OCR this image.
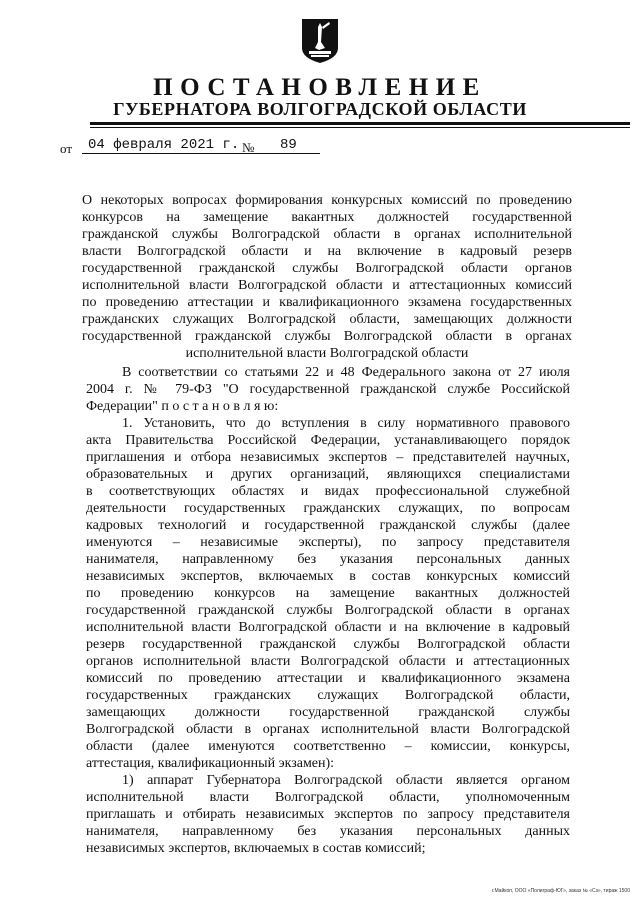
ПОСТАНОВЛЕНИЕ
ГУБЕРНАТОРА ВОЛГОГРАДСКОЙ ОБЛАСТИ
от	04 февраля 2021 г. №	89
О некоторых вопросах формирования конкурсных комиссий по проведению
конкурсов на замещение вакантных должностей государственной
гражданской службы Волгоградской области в органах исполнительной
власти Волгоградской области и на включение в кадровый резерв
государственной гражданской службы Волгоградской области органов
исполнительной власти Волгоградской области и аттестационных комиссий
по проведению аттестации и квалификационного экзамена государственных
гражданских служащих Волгоградской области, замещающих должности
государственной гражданской службы Волгоградской области в органах
исполнительной власти Волгоградской области
В соответствии со статьями 22 и 48 Федерального закона от 27 июля
2004 г. № 79-ФЗ "О государственной гражданской службе Российской
Федерации" п о с т а н о в л я ю:
1. Установить, что до вступления в силу нормативного правового
акта Правительства Российской Федерации, устанавливающего порядок
приглашения и отбора независимых экспертов – представителей научных,
образовательных и других организаций, являющихся специалистами
в соответствующих областях и видах профессиональной служебной
деятельности государственных гражданских служащих, по вопросам
кадровых технологий и государственной гражданской службы (далее
именуются – независимые эксперты), по запросу представителя
нанимателя, направленному без указания персональных данных
независимых экспертов, включаемых в состав конкурсных комиссий
по проведению конкурсов на замещение вакантных должностей
государственной гражданской службы Волгоградской области в органах
исполнительной власти Волгоградской области и на включение в кадровый
резерв государственной гражданской службы Волгоградской области
органов исполнительной власти Волгоградской области и аттестационных
комиссий по проведению аттестации и квалификационного экзамена
государственных гражданских служащих Волгоградской области,
замещающих должности государственной гражданской службы
Волгоградской области в органах исполнительной власти Волгоградской
области (далее именуются соответственно – комиссии, конкурсы,
аттестация, квалификационный экзамен):
1) аппарат Губернатора Волгоградской области является органом
исполнительной власти Волгоградской области, уполномоченным
приглашать и отбирать независимых экспертов по запросу представителя
нанимателя, направленному без указания персональных данных
независимых экспертов, включаемых в состав комиссий;
г.Майкоп, ООО «Полиграф-ЮГ», заказ № «Сз», тираж 1500
